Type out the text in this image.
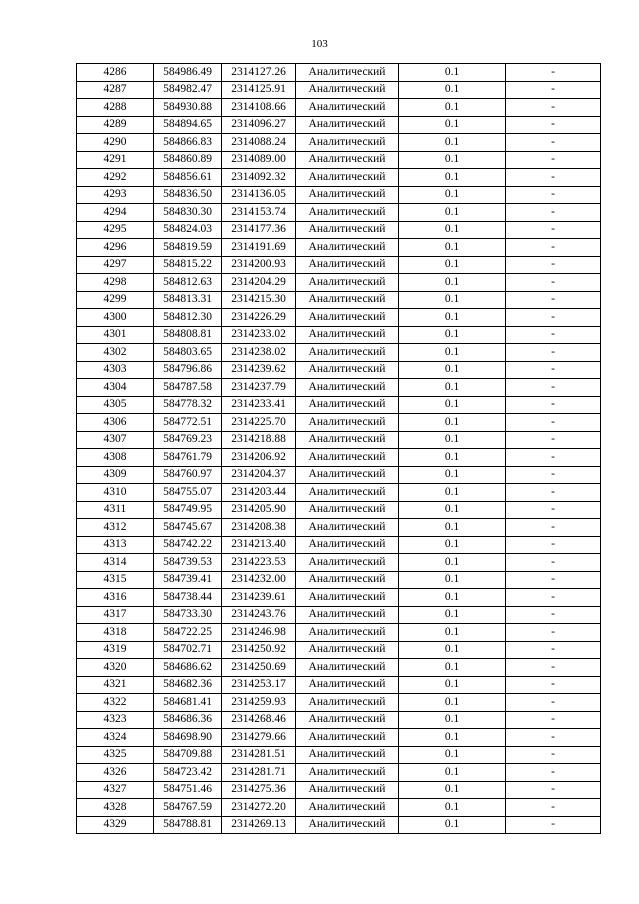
103
4286	584986.49	2314127.26	Аналитический	0.1	-
4287	584982.47	2314125.91	Аналитический	0.1	-
4288	584930.88	2314108.66	Аналитический	0.1	-
4289	584894.65	2314096.27	Аналитический	0.1	-
4290	584866.83	2314088.24	Аналитический	0.1	-
4291	584860.89	2314089.00	Аналитический	0.1	-
4292	584856.61	2314092.32	Аналитический	0.1	-
4293	584836.50	2314136.05	Аналитический	0.1	-
4294	584830.30	2314153.74	Аналитический	0.1	-
4295	584824.03	2314177.36	Аналитический	0.1	-
4296	584819.59	2314191.69	Аналитический	0.1	-
4297	584815.22	2314200.93	Аналитический	0.1	-
4298	584812.63	2314204.29	Аналитический	0.1	-
4299	584813.31	2314215.30	Аналитический	0.1	-
4300	584812.30	2314226.29	Аналитический	0.1	-
4301	584808.81	2314233.02	Аналитический	0.1	-
4302	584803.65	2314238.02	Аналитический	0.1	-
4303	584796.86	2314239.62	Аналитический	0.1	-
4304	584787.58	2314237.79	Аналитический	0.1	-
4305	584778.32	2314233.41	Аналитический	0.1	-
4306	584772.51	2314225.70	Аналитический	0.1	-
4307	584769.23	2314218.88	Аналитический	0.1	-
4308	584761.79	2314206.92	Аналитический	0.1	-
4309	584760.97	2314204.37	Аналитический	0.1	-
4310	584755.07	2314203.44	Аналитический	0.1	-
4311	584749.95	2314205.90	Аналитический	0.1	-
4312	584745.67	2314208.38	Аналитический	0.1	-
4313	584742.22	2314213.40	Аналитический	0.1	-
4314	584739.53	2314223.53	Аналитический	0.1	-
4315	584739.41	2314232.00	Аналитический	0.1	-
4316	584738.44	2314239.61	Аналитический	0.1	-
4317	584733.30	2314243.76	Аналитический	0.1	-
4318	584722.25	2314246.98	Аналитический	0.1	-
4319	584702.71	2314250.92	Аналитический	0.1	-
4320	584686.62	2314250.69	Аналитический	0.1	-
4321	584682.36	2314253.17	Аналитический	0.1	-
4322	584681.41	2314259.93	Аналитический	0.1	-
4323	584686.36	2314268.46	Аналитический	0.1	-
4324	584698.90	2314279.66	Аналитический	0.1	-
4325	584709.88	2314281.51	Аналитический	0.1	-
4326	584723.42	2314281.71	Аналитический	0.1	-
4327	584751.46	2314275.36	Аналитический	0.1	-
4328	584767.59	2314272.20	Аналитический	0.1	-
4329	584788.81	2314269.13	Аналитический	0.1	-
